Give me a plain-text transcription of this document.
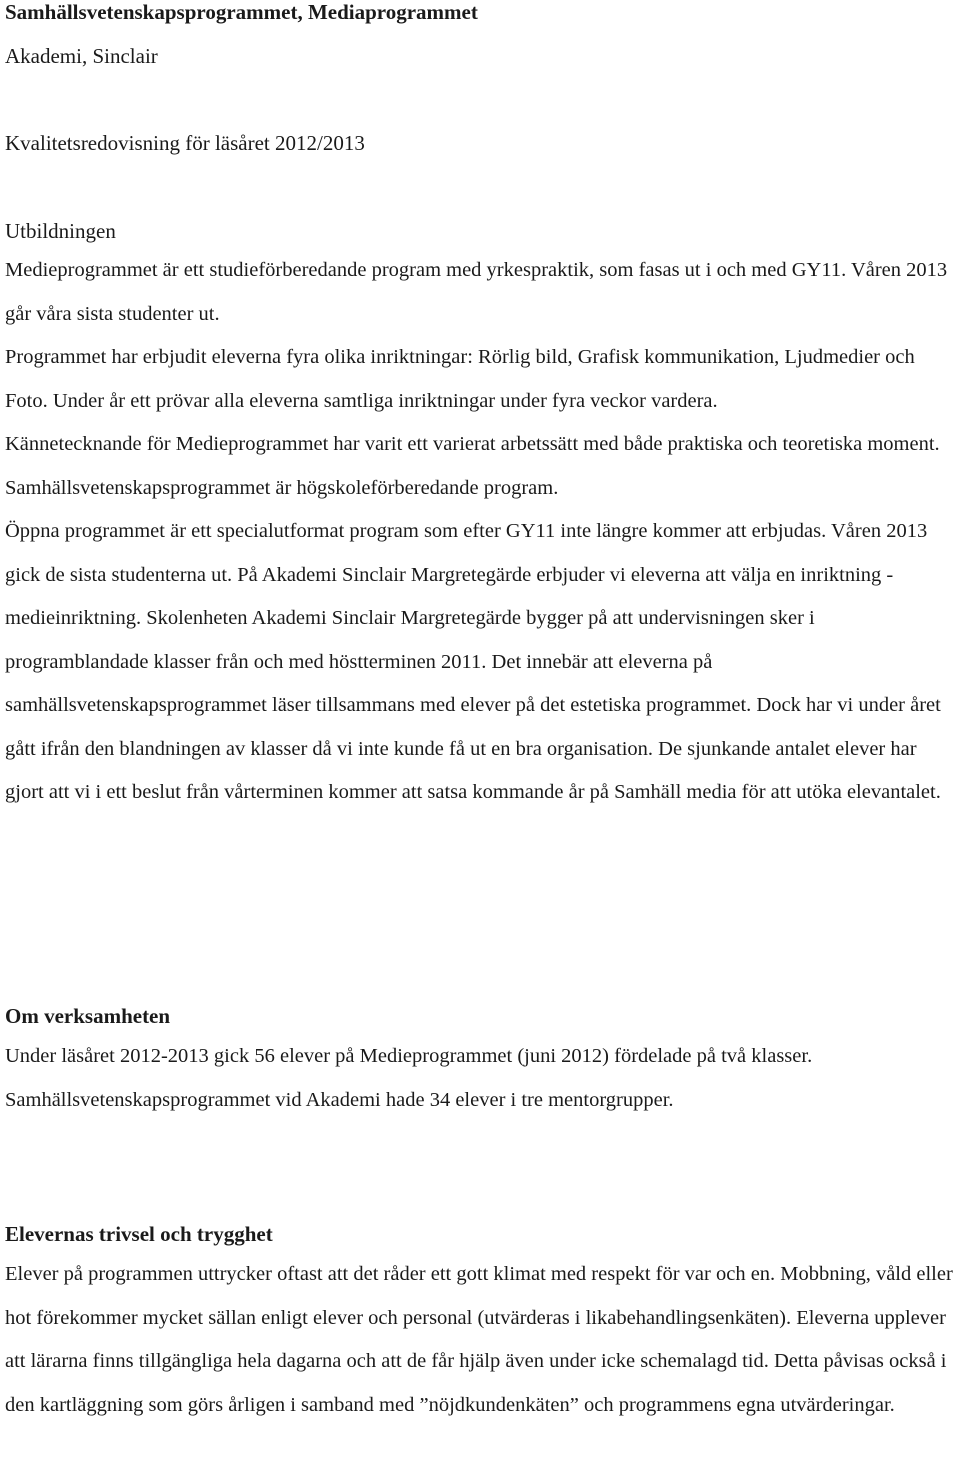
Samhällsvetenskapsprogrammet, Mediaprogrammet
Akademi, Sinclair
Kvalitetsredovisning för läsåret 2012/2013
Utbildningen
Medieprogrammet är ett studieförberedande program med yrkespraktik, som fasas ut i och med GY11. Våren 2013 går våra sista studenter ut.
Programmet har erbjudit eleverna fyra olika inriktningar: Rörlig bild, Grafisk kommunikation, Ljudmedier och Foto. Under år ett prövar alla eleverna samtliga inriktningar under fyra veckor vardera.
Kännetecknande för Medieprogrammet har varit ett varierat arbetssätt med både praktiska och teoretiska moment. Samhällsvetenskapsprogrammet är högskoleförberedande program.
Öppna programmet är ett specialutformat program som efter GY11 inte längre kommer att erbjudas. Våren 2013 gick de sista studenterna ut. På Akademi Sinclair Margretegärde erbjuder vi eleverna att välja en inriktning - medieinriktning. Skolenheten Akademi Sinclair Margretegärde bygger på att undervisningen sker i programblandade klasser från och med höstterminen 2011. Det innebär att eleverna på samhällsvetenskapsprogrammet läser tillsammans med elever på det estetiska programmet. Dock har vi under året gått ifrån den blandningen av klasser då vi inte kunde få ut en bra organisation. De sjunkande antalet elever har gjort att vi i ett beslut från vårterminen kommer att satsa kommande år på Samhäll media för att utöka elevantalet.
Om verksamheten
Under läsåret 2012-2013 gick 56 elever på Medieprogrammet (juni 2012) fördelade på två klasser.
Samhällsvetenskapsprogrammet vid Akademi hade 34 elever i tre mentorgrupper.
Elevernas trivsel och trygghet
Elever på programmen uttrycker oftast att det råder ett gott klimat med respekt för var och en. Mobbning, våld eller hot förekommer mycket sällan enligt elever och personal (utvärderas i likabehandlingsenkäten). Eleverna upplever att lärarna finns tillgängliga hela dagarna och att de får hjälp även under icke schemalagd tid. Detta påvisas också i den kartläggning som görs årligen i samband med ”nöjdkundenkäten” och programmens egna utvärderingar.
